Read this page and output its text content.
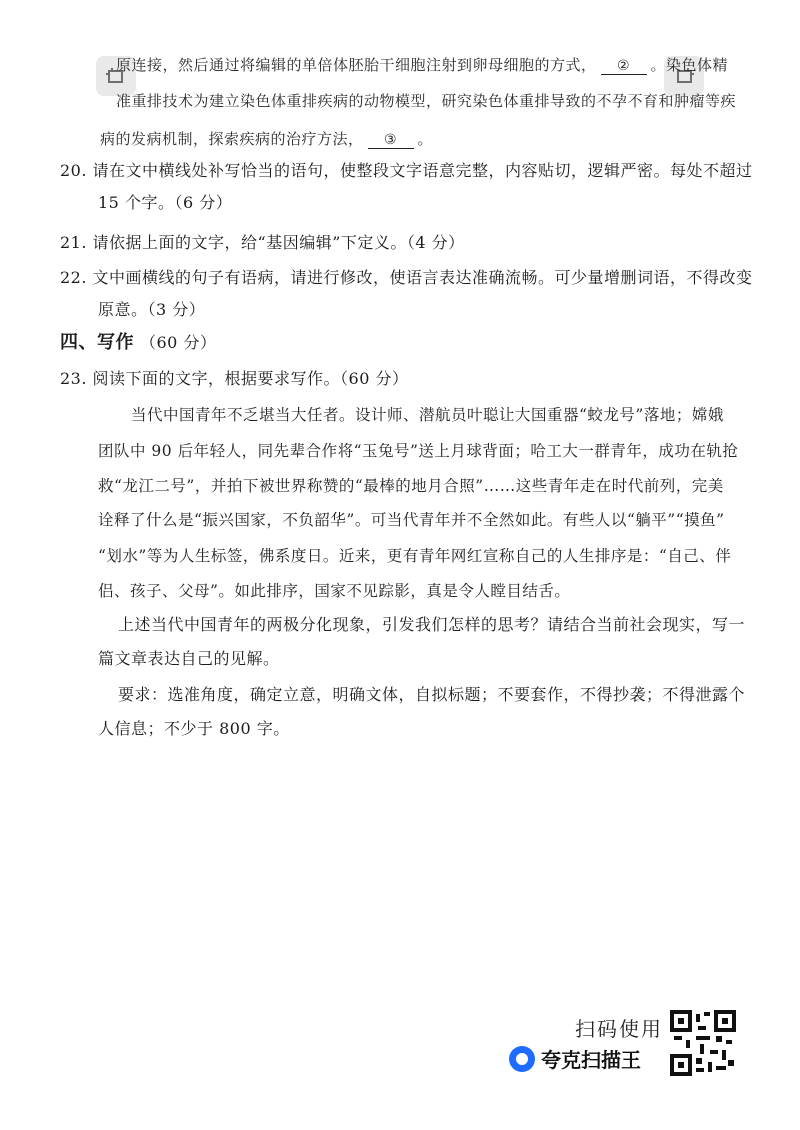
原连接，然后通过将编辑的单倍体胚胎干细胞注射到卵母细胞的方式， ② 。染色体精
准重排技术为建立染色体重排疾病的动物模型，研究染色体重排导致的不孕不育和肿瘤等疾
病的发病机制，探索疾病的治疗方法， ③ 。
20. 请在文中横线处补写恰当的语句，使整段文字语意完整，内容贴切，逻辑严密。每处不超过
15 个字。（6 分）
21. 请依据上面的文字，给“基因编辑”下定义。（4 分）
22. 文中画横线的句子有语病，请进行修改，使语言表达准确流畅。可少量增删词语，不得改变
原意。（3 分）
四、写作 （60 分）
23. 阅读下面的文字，根据要求写作。（60 分）
当代中国青年不乏堪当大任者。设计师、潜航员叶聪让大国重器“蛟龙号”落地；嫦娥
团队中 90 后年轻人，同先辈合作将“玉兔号”送上月球背面；哈工大一群青年，成功在轨抢
救“龙江二号”，并拍下被世界称赞的“最棒的地月合照”……这些青年走在时代前列，完美
诠释了什么是“振兴国家，不负韶华”。可当代青年并不全然如此。有些人以“躺平”“摸鱼”
“划水”等为人生标签，佛系度日。近来，更有青年网红宣称自己的人生排序是：“自己、伴
侣、孩子、父母”。如此排序，国家不见踪影，真是令人瞠目结舌。
上述当代中国青年的两极分化现象，引发我们怎样的思考？请结合当前社会现实，写一
篇文章表达自己的见解。
要求：选准角度，确定立意，明确文体，自拟标题；不要套作，不得抄袭；不得泄露个
人信息；不少于 800 字。
扫码使用
夸克扫描王
